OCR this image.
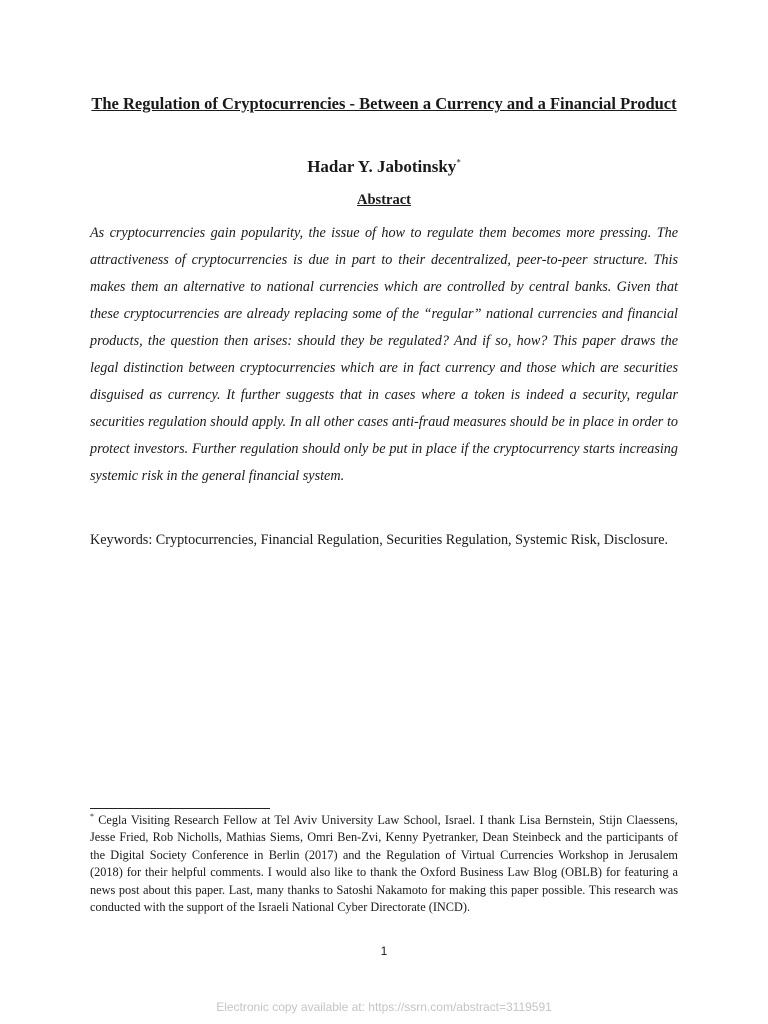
The Regulation of Cryptocurrencies - Between a Currency and a Financial Product
Hadar Y. Jabotinsky*
Abstract

As cryptocurrencies gain popularity, the issue of how to regulate them becomes more pressing. The attractiveness of cryptocurrencies is due in part to their decentralized, peer-to-peer structure. This makes them an alternative to national currencies which are controlled by central banks. Given that these cryptocurrencies are already replacing some of the “regular” national currencies and financial products, the question then arises: should they be regulated? And if so, how? This paper draws the legal distinction between cryptocurrencies which are in fact currency and those which are securities disguised as currency. It further suggests that in cases where a token is indeed a security, regular securities regulation should apply. In all other cases anti-fraud measures should be in place in order to protect investors. Further regulation should only be put in place if the cryptocurrency starts increasing systemic risk in the general financial system.

Keywords: Cryptocurrencies, Financial Regulation, Securities Regulation, Systemic Risk, Disclosure.

* Cegla Visiting Research Fellow at Tel Aviv University Law School, Israel. I thank Lisa Bernstein, Stijn Claessens, Jesse Fried, Rob Nicholls, Mathias Siems, Omri Ben-Zvi, Kenny Pyetranker, Dean Steinbeck and the participants of the Digital Society Conference in Berlin (2017) and the Regulation of Virtual Currencies Workshop in Jerusalem (2018) for their helpful comments. I would also like to thank the Oxford Business Law Blog (OBLB) for featuring a news post about this paper. Last, many thanks to Satoshi Nakamoto for making this paper possible. This research was conducted with the support of the Israeli National Cyber Directorate (INCD).

1
Electronic copy available at: https://ssrn.com/abstract=3119591
